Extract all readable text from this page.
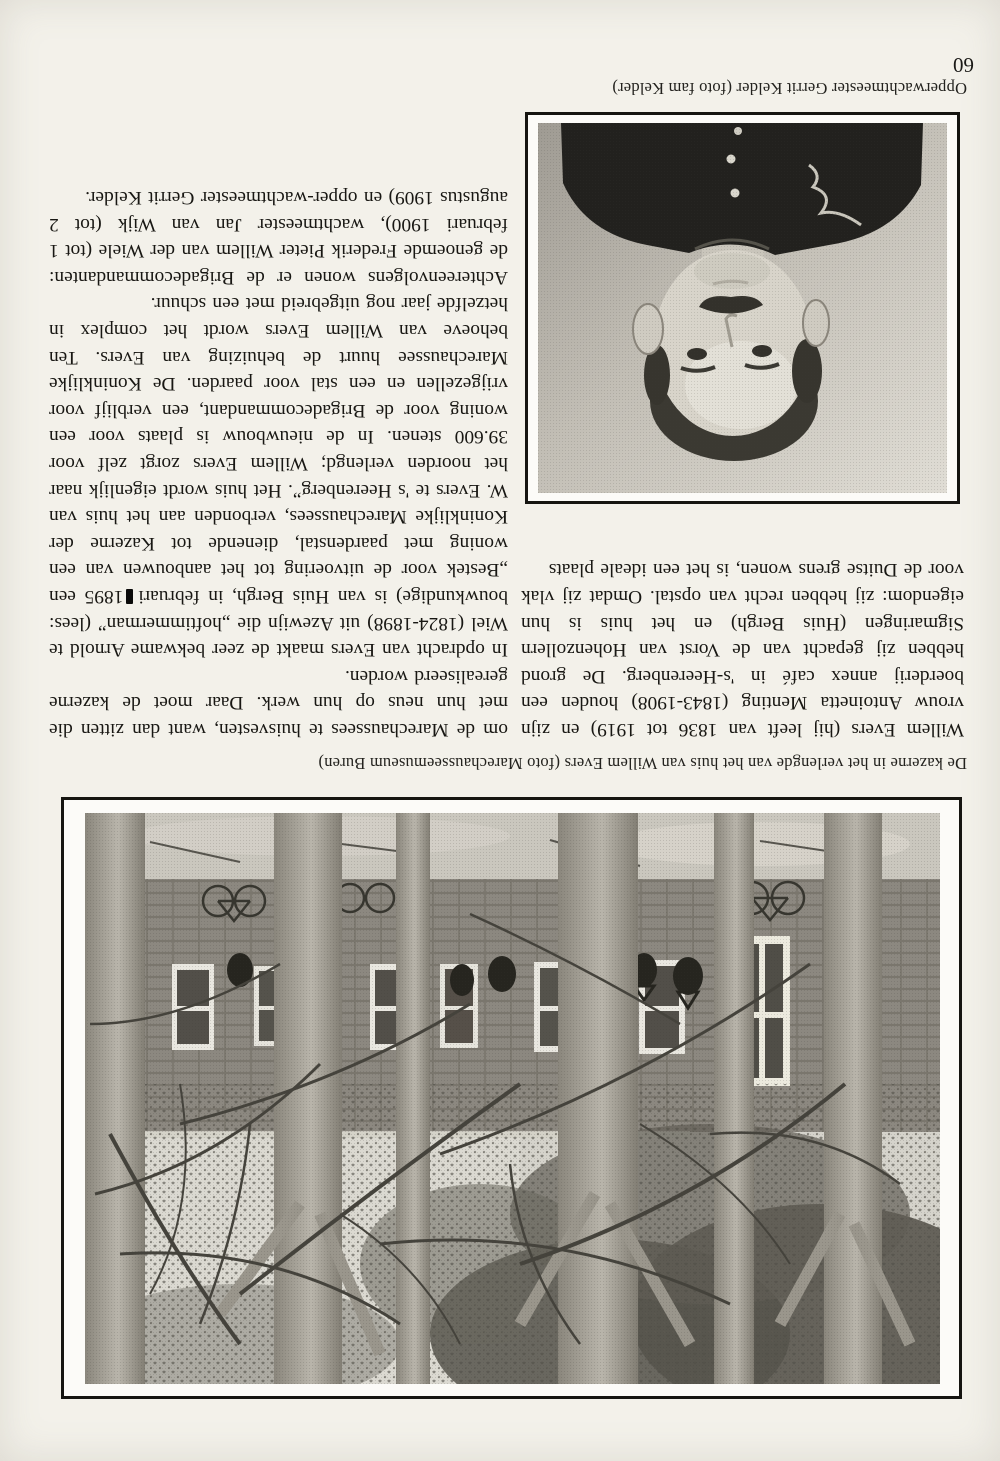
De kazerne in het verlengde van het huis van Willem Evers (foto Marechausseemuseum Buren)

Willem Evers (hij leeft van 1836 tot 1919) en zijn vrouw Antoinetta Menting (1843-1908) houden een boerderij annex café in 's-Heerenberg. De grond hebben zij gepacht van de Vorst van Hohenzollern Sigmaringen (Huis Bergh) en het huis is hun eigendom: zij hebben recht van opstal. Omdat zij vlak voor de Duitse grens wonen, is het een ideale plaats

om de Marechaussees te huisvesten, want dan zitten die met hun neus op hun werk. Daar moet de kazerne gerealiseerd worden.

In opdracht van Evers maakt de zeer bekwame Arnold te Wiel (1824-1898) uit Azewijn die „hoftimmerman” (lees: bouwkundige) is van Huis Bergh, in februari1895 een „Bestek voor de uitvoering tot het aanbouwen van een woning met paardenstal, dienende tot Kazerne der Koninklijke Marechaussees, verbonden aan het huis van W. Evers te 's Heerenberg”. Het huis wordt eigenlijk naar het noorden verlengd; Willem Evers zorgt zelf voor 39.600 stenen. In de nieuwbouw is plaats voor een woning voor de Brigadecommandant, een verblijf voor vrijgezellen en een stal voor paarden. De Koninklijke Marechaussee huurt de behuizing van Evers. Ten behoeve van Willem Evers wordt het complex in hetzelfde jaar nog uitgebreid met een schuur.

Achtereenvolgens wonen er de Brigadecommandanten: de genoemde Frederik Pieter Willem van der Wiele (tot 1 februari 1900), wachtmeester Jan van Wijk (tot 2 augustus 1909) en opper-wachtmeester Gerrit Kelder.

Opperwachtmeester Gerrit Kelder (foto fam Kelder)
60
